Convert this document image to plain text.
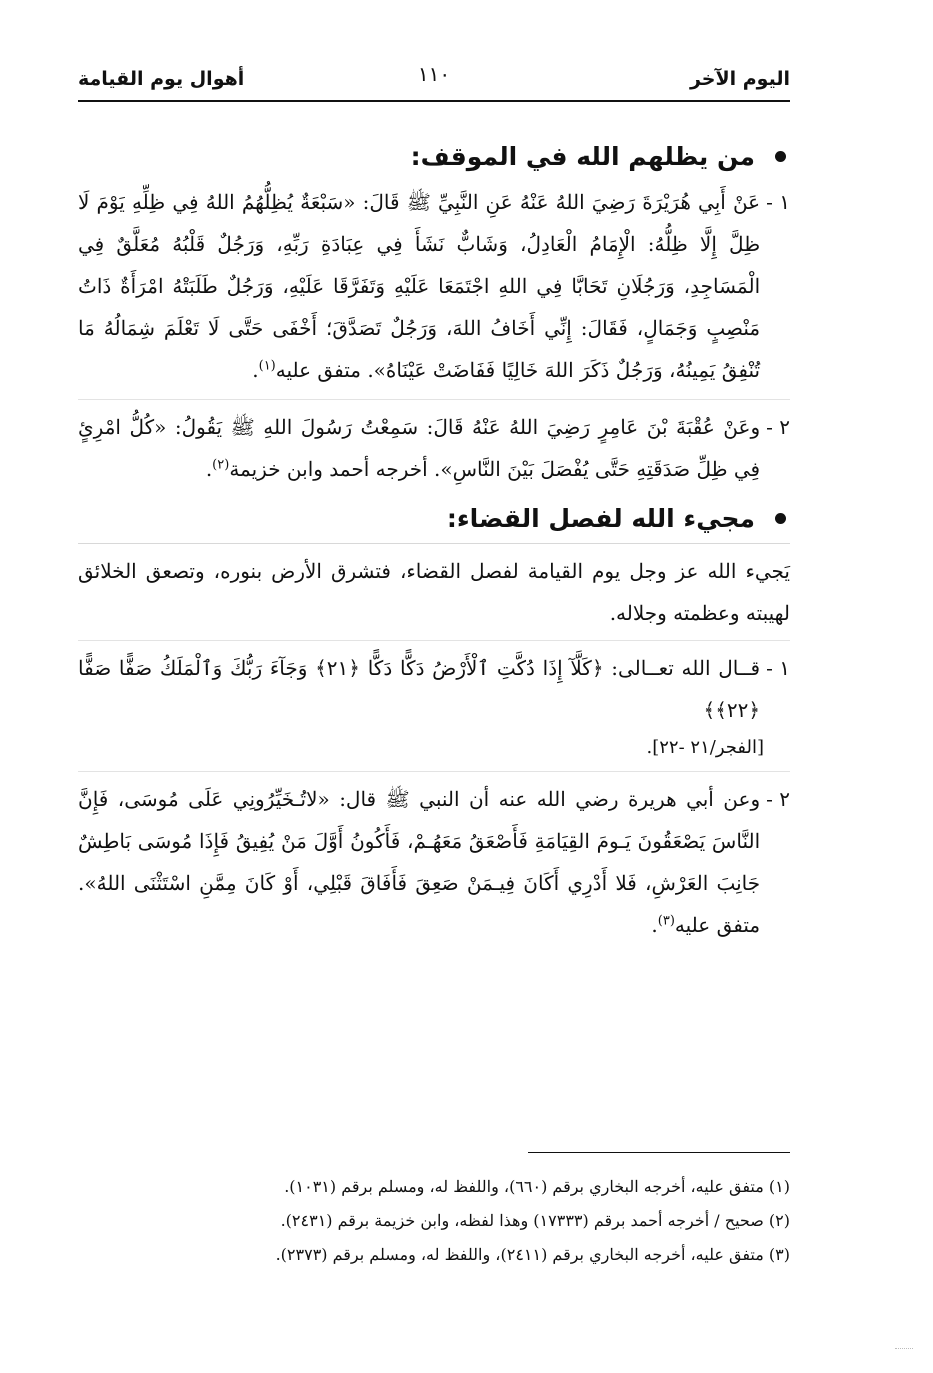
اليوم الآخر
١١٠
أهوال يوم القيامة
من يظلهم الله في الموقف:
١ -
عَنْ أَبِي هُرَيْرَةَ رَضِيَ اللهُ عَنْهُ عَنِ النَّبِيِّ ﷺ قَالَ: «سَبْعَةٌ يُظِلُّهُمُ اللهُ فِي ظِلِّهِ يَوْمَ لَا ظِلَّ إِلَّا ظِلُّهُ: الْإِمَامُ الْعَادِلُ، وَشَابٌّ نَشَأَ فِي عِبَادَةِ رَبِّهِ، وَرَجُلٌ قَلْبُهُ مُعَلَّقٌ فِي الْمَسَاجِدِ، وَرَجُلَانِ تَحَابَّا فِي اللهِ اجْتَمَعَا عَلَيْهِ وَتَفَرَّقَا عَلَيْهِ، وَرَجُلٌ طَلَبَتْهُ امْرَأَةٌ ذَاتُ مَنْصِبٍ وَجَمَالٍ، فَقَالَ: إِنِّي أَخَافُ اللهَ، وَرَجُلٌ تَصَدَّقَ؛ أَخْفَى حَتَّى لَا تَعْلَمَ شِمَالُهُ مَا تُنْفِقُ يَمِينُهُ، وَرَجُلٌ ذَكَرَ اللهَ خَالِيًا فَفَاضَتْ عَيْنَاهُ». متفق عليه$^{(١)}$.
٢ -
وعَنْ عُقْبَةَ بْنَ عَامِرٍ رَضِيَ اللهُ عَنْهُ قَالَ: سَمِعْتُ رَسُولَ اللهِ ﷺ يَقُولُ: «كُلُّ امْرِئٍ فِي ظِلِّ صَدَقَتِهِ حَتَّى يُفْصَلَ بَيْنَ النَّاسِ». أخرجه أحمد وابن خزيمة$^{(٢)}$.
مجيء الله لفصل القضاء:
يَجيء الله عز وجل يوم القيامة لفصل القضاء، فتشرق الأرض بنوره، وتصعق الخلائق لهيبته وعظمته وجلاله.
١ -
قــال الله تعــالى: ﴿كَلَّآ إِذَا دُكَّتِ ٱلْأَرْضُ دَكًّا دَكًّا ﴿٢١﴾ وَجَآءَ رَبُّكَ وَٱلْمَلَكُ صَفًّا صَفًّا ﴿٢٢﴾﴾
[الفجر/٢١ -٢٢].
٢ -
وعن أبي هريرة رضي الله عنه أن النبي ﷺ قال: «لاتُـخَيِّرُونِي عَلَى مُوسَى، فَإِنَّ النَّاسَ يَصْعَقُونَ يَـومَ القِيَامَةِ فَأَصْعَقُ مَعَهُـمْ، فَأَكُونُ أَوَّلَ مَنْ يُفِيقُ فَإِذَا مُوسَى بَاطِشٌ جَانِبَ العَرْشِ، فَلا أَدْرِي أَكَانَ فِيـمَنْ صَعِقَ فَأَفَاقَ قَبْلِي، أَوْ كَانَ مِمَّنِ اسْتَثْنَى اللهُ». متفق عليه$^{(٣)}$.
(١) متفق عليه، أخرجه البخاري برقم (٦٦٠)، واللفظ له، ومسلم برقم (١٠٣١).
(٢) صحيح / أخرجه أحمد برقم (١٧٣٣٣) وهذا لفظه، وابن خزيمة برقم (٢٤٣١).
(٣) متفق عليه، أخرجه البخاري برقم (٢٤١١)، واللفظ له، ومسلم برقم (٢٣٧٣).
